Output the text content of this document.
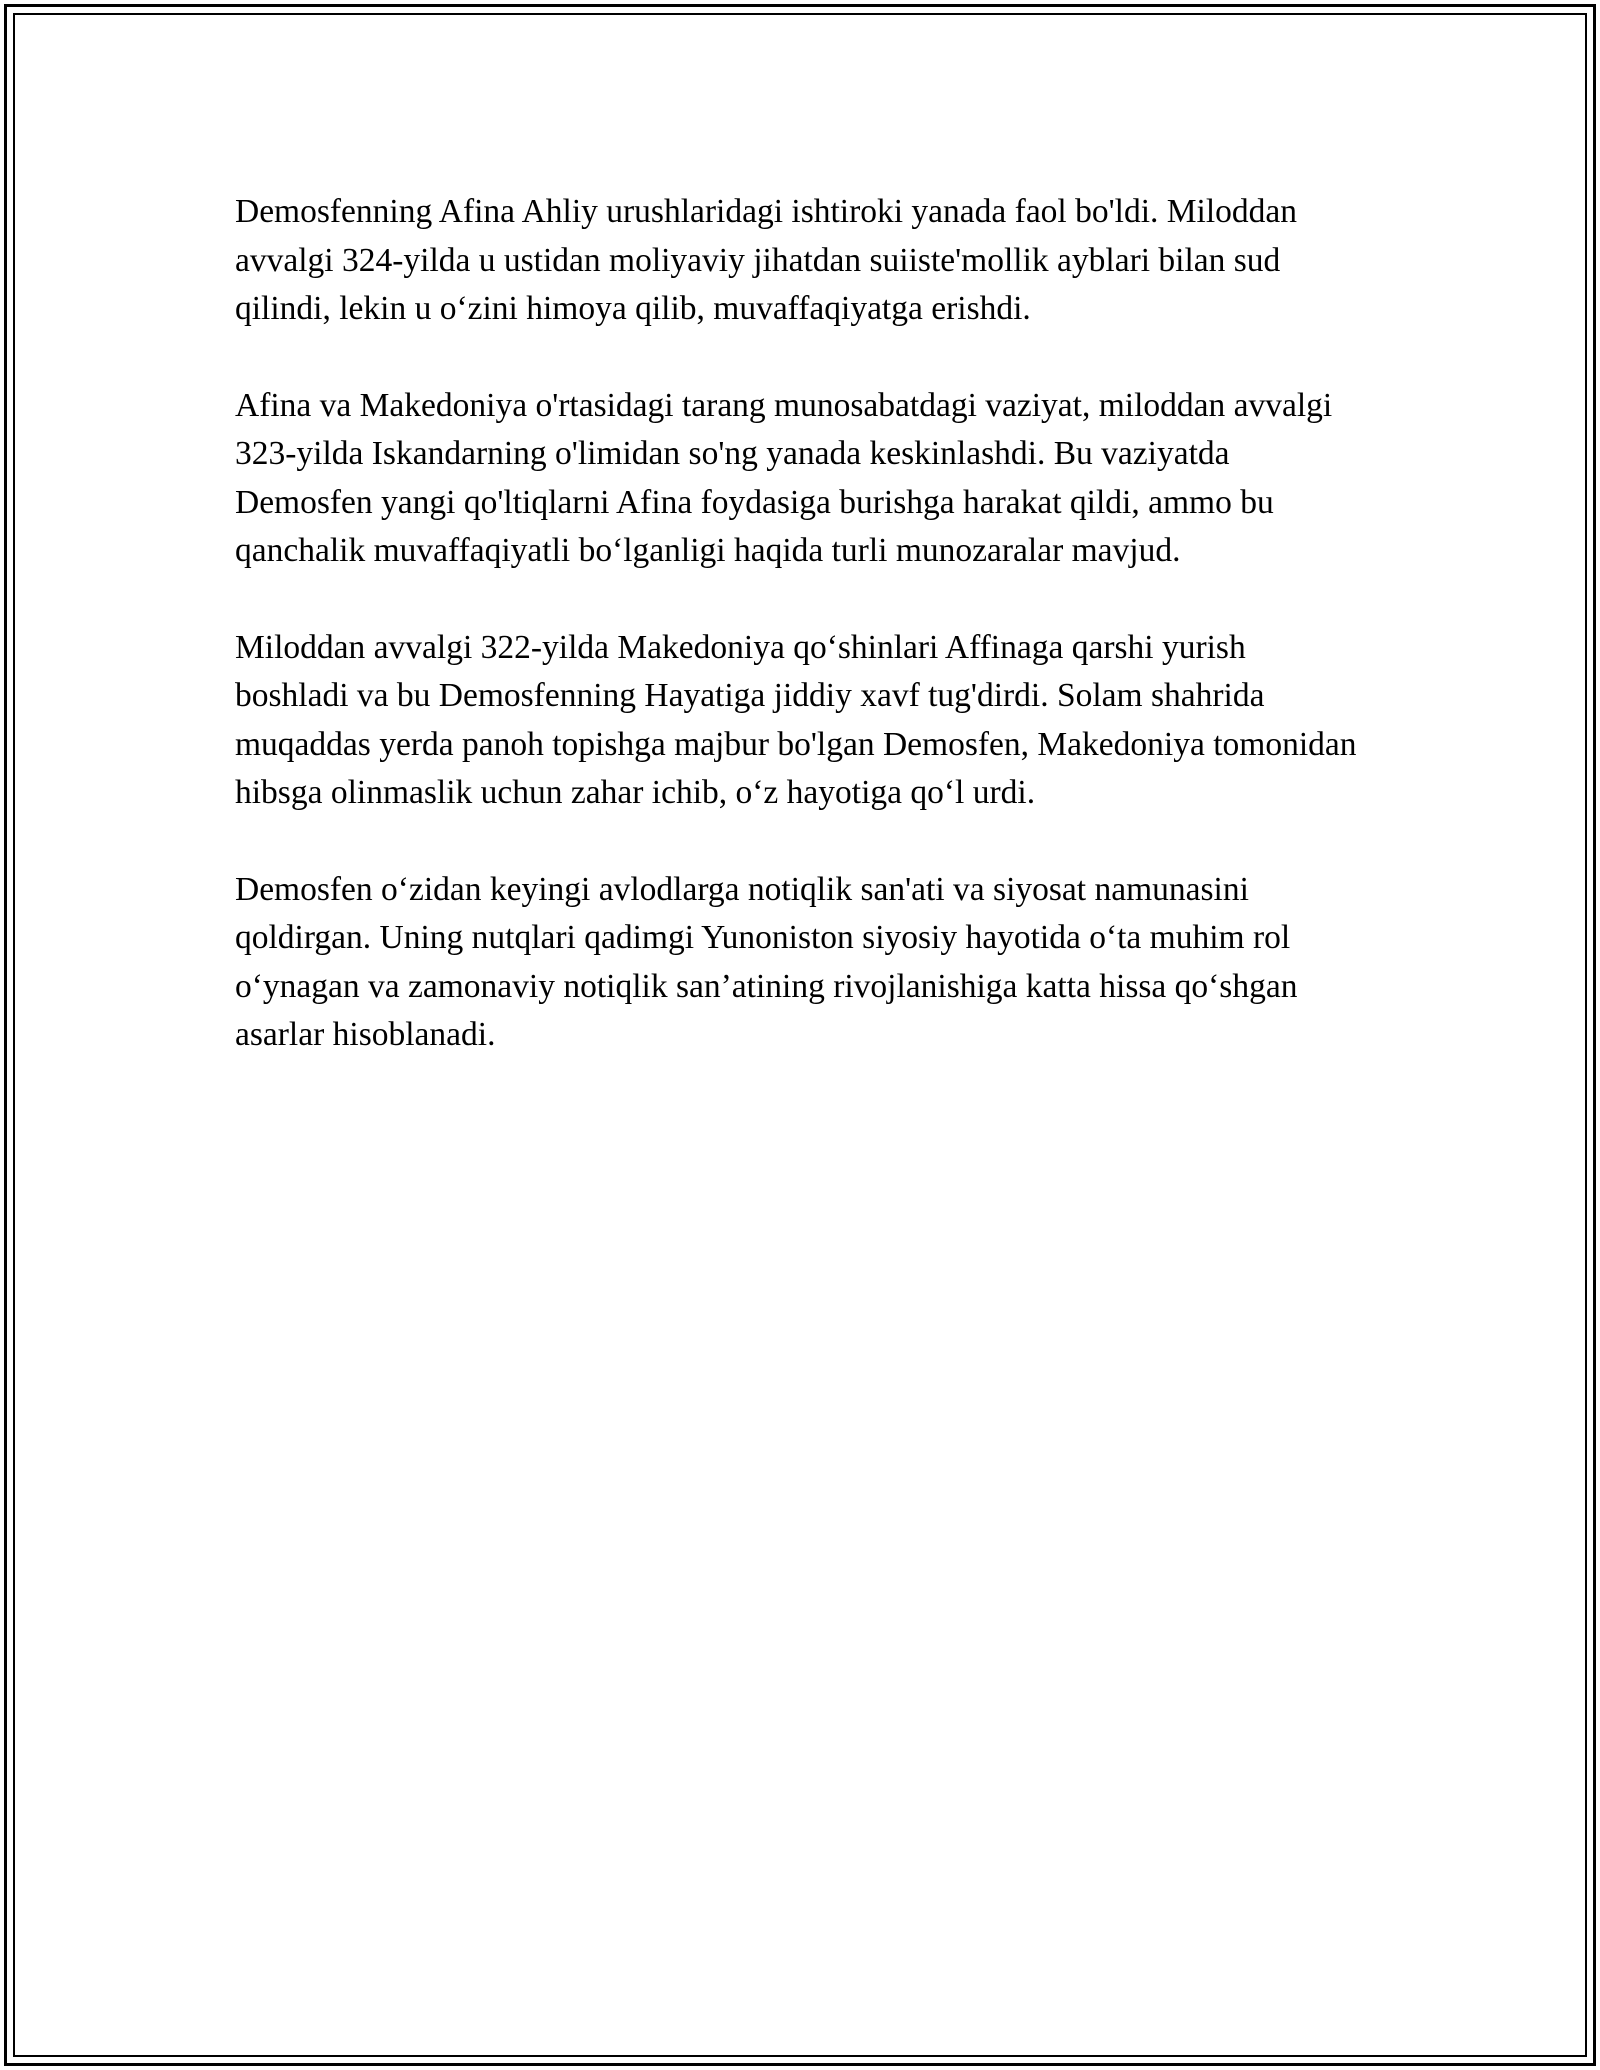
Demosfenning Afina Ahliy urushlaridagi ishtiroki yanada faol bo'ldi. Miloddan avvalgi 324-yilda u ustidan moliyaviy jihatdan suiiste'mollik ayblari bilan sud qilindi, lekin u o‘zini himoya qilib, muvaffaqiyatga erishdi.

Afina va Makedoniya o'rtasidagi tarang munosabatdagi vaziyat, miloddan avvalgi 323-yilda Iskandarning o'limidan so'ng yanada keskinlashdi. Bu vaziyatda Demosfen yangi qo'ltiqlarni Afina foydasiga burishga harakat qildi, ammo bu qanchalik muvaffaqiyatli bo‘lganligi haqida turli munozaralar mavjud.

Miloddan avvalgi 322-yilda Makedoniya qo‘shinlari Affinaga qarshi yurish boshladi va bu Demosfenning Hayatiga jiddiy xavf tug'dirdi. Solam shahrida muqaddas yerda panoh topishga majbur bo'lgan Demosfen, Makedoniya tomonidan hibsga olinmaslik uchun zahar ichib, o‘z hayotiga qo‘l urdi.

Demosfen o‘zidan keyingi avlodlarga notiqlik san'ati va siyosat namunasini qoldirgan. Uning nutqlari qadimgi Yunoniston siyosiy hayotida o‘ta muhim rol o‘ynagan va zamonaviy notiqlik san’atining rivojlanishiga katta hissa qo‘shgan asarlar hisoblanadi.
